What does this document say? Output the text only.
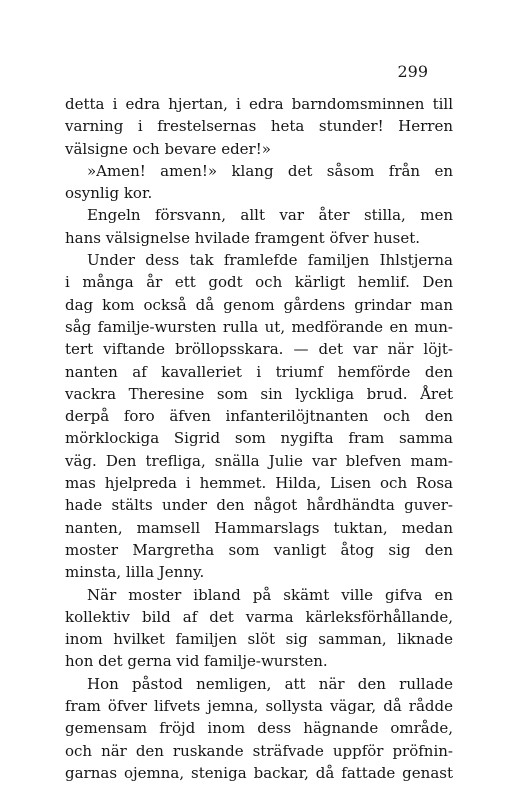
299
detta i edra hjertan, i edra barndomsminnen till
varning i frestelsernas heta stunder! Herren
välsigne och bevare eder!»
»Amen! amen!» klang det såsom från en
osynlig kor.
Engeln försvann, allt var åter stilla, men
hans välsignelse hvilade framgent öfver huset.
Under dess tak framlefde familjen Ihlstjerna
i många år ett godt och kärligt hemlif. Den
dag kom också då genom gårdens grindar man
såg familje-wursten rulla ut, medförande en mun-
tert viftande bröllopsskara. — det var när löjt-
nanten af kavalleriet i triumf hemförde den
vackra Theresine som sin lyckliga brud. Året
derpå foro äfven infanterilöjtnanten och den
mörklockiga Sigrid som nygifta fram samma
väg. Den trefliga, snälla Julie var blefven mam-
mas hjelpreda i hemmet. Hilda, Lisen och Rosa
hade stälts under den något hårdhändta guver-
nanten, mamsell Hammarslags tuktan, medan
moster Margretha som vanligt åtog sig den
minsta, lilla Jenny.
När moster ibland på skämt ville gifva en
kollektiv bild af det varma kärleksförhållande,
inom hvilket familjen slöt sig samman, liknade
hon det gerna vid familje-wursten.
Hon påstod nemligen, att när den rullade
fram öfver lifvets jemna, sollysta vägar, då rådde
gemensam fröjd inom dess hägnande område,
och när den ruskande sträfvade uppför pröfnin-
garnas ojemna, steniga backar, då fattade genast
